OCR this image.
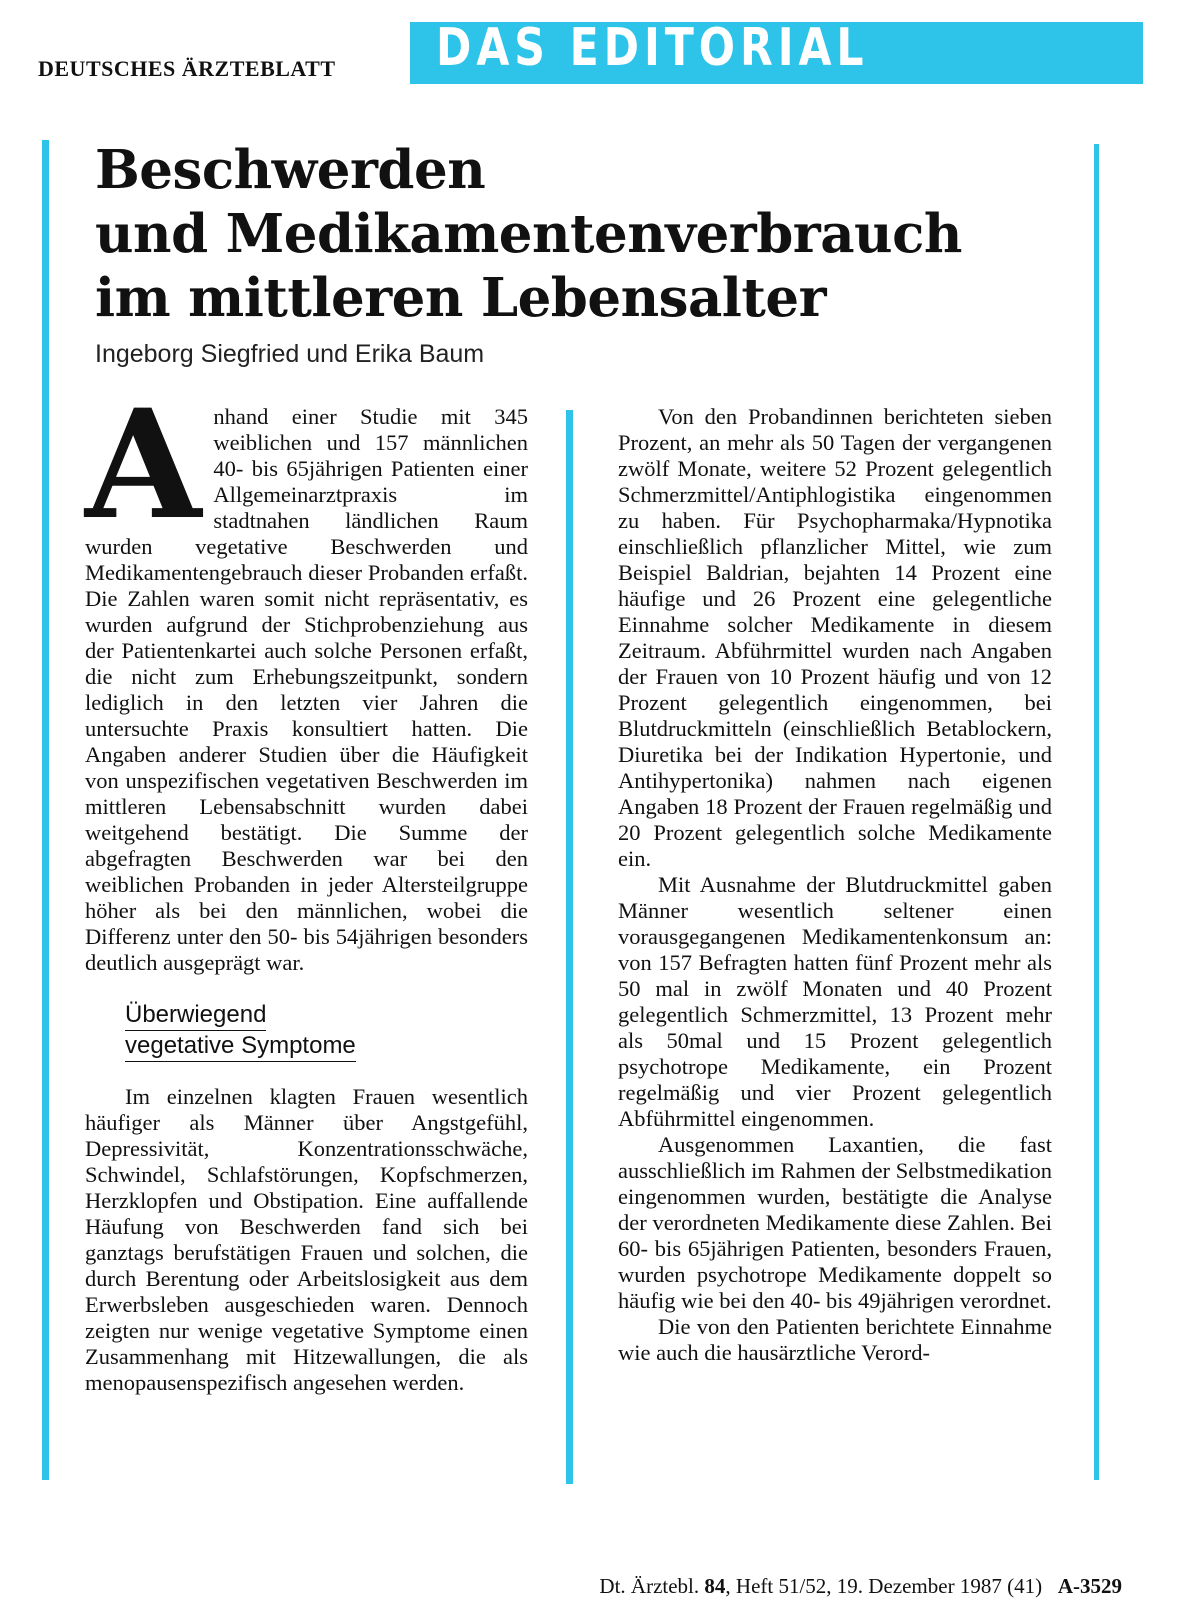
DEUTSCHES ÄRZTEBLATT DAS EDITORIAL
Beschwerden
und Medikamentenverbrauch
im mittleren Lebensalter
Ingeborg Siegfried und Erika Baum

A nhand einer Studie mit 345 weiblichen und 157 männlichen 40- bis 65jährigen Patienten einer Allgemeinarztpraxis im stadtnahen ländlichen Raum wurden vegetative Beschwerden und Medikamentengebrauch dieser Probanden erfaßt. Die Zahlen waren somit nicht repräsentativ, es wurden aufgrund der Stichprobenziehung aus der Patientenkartei auch solche Personen erfaßt, die nicht zum Erhebungszeitpunkt, sondern lediglich in den letzten vier Jahren die untersuchte Praxis konsultiert hatten. Die Angaben anderer Studien über die Häufigkeit von unspezifischen vegetativen Beschwerden im mittleren Lebensabschnitt wurden dabei weitgehend bestätigt. Die Summe der abgefragten Beschwerden war bei den weiblichen Probanden in jeder Altersteilgruppe höher als bei den männlichen, wobei die Differenz unter den 50- bis 54jährigen besonders deutlich ausgeprägt war.

Überwiegend
vegetative Symptome

Im einzelnen klagten Frauen wesentlich häufiger als Männer über Angstgefühl, Depressivität, Konzentrationsschwäche, Schwindel, Schlafstörungen, Kopfschmerzen, Herzklopfen und Obstipation. Eine auffallende Häufung von Beschwerden fand sich bei ganztags berufstätigen Frauen und solchen, die durch Berentung oder Arbeitslosigkeit aus dem Erwerbsleben ausgeschieden waren. Dennoch zeigten nur wenige vegetative Symptome einen Zusammenhang mit Hitzewallungen, die als menopausenspezifisch angesehen werden.

Von den Probandinnen berichteten sieben Prozent, an mehr als 50 Tagen der vergangenen zwölf Monate, weitere 52 Prozent gelegentlich Schmerzmittel/Antiphlogistika eingenommen zu haben. Für Psychopharmaka/Hypnotika einschließlich pflanzlicher Mittel, wie zum Beispiel Baldrian, bejahten 14 Prozent eine häufige und 26 Prozent eine gelegentliche Einnahme solcher Medikamente in diesem Zeitraum. Abführmittel wurden nach Angaben der Frauen von 10 Prozent häufig und von 12 Prozent gelegentlich eingenommen, bei Blutdruckmitteln (einschließlich Betablockern, Diuretika bei der Indikation Hypertonie, und Antihypertonika) nahmen nach eigenen Angaben 18 Prozent der Frauen regelmäßig und 20 Prozent gelegentlich solche Medikamente ein.

Mit Ausnahme der Blutdruckmittel gaben Männer wesentlich seltener einen vorausgegangenen Medikamentenkonsum an: von 157 Befragten hatten fünf Prozent mehr als 50 mal in zwölf Monaten und 40 Prozent gelegentlich Schmerzmittel, 13 Prozent mehr als 50mal und 15 Prozent gelegentlich psychotrope Medikamente, ein Prozent regelmäßig und vier Prozent gelegentlich Abführmittel eingenommen.

Ausgenommen Laxantien, die fast ausschließlich im Rahmen der Selbstmedikation eingenommen wurden, bestätigte die Analyse der verordneten Medikamente diese Zahlen. Bei 60- bis 65jährigen Patienten, besonders Frauen, wurden psychotrope Medikamente doppelt so häufig wie bei den 40- bis 49jährigen verordnet.

Die von den Patienten berichtete Einnahme wie auch die hausärztliche Verord-

Dt. Ärztebl. 84, Heft 51/52, 19. Dezember 1987 (41) A-3529
